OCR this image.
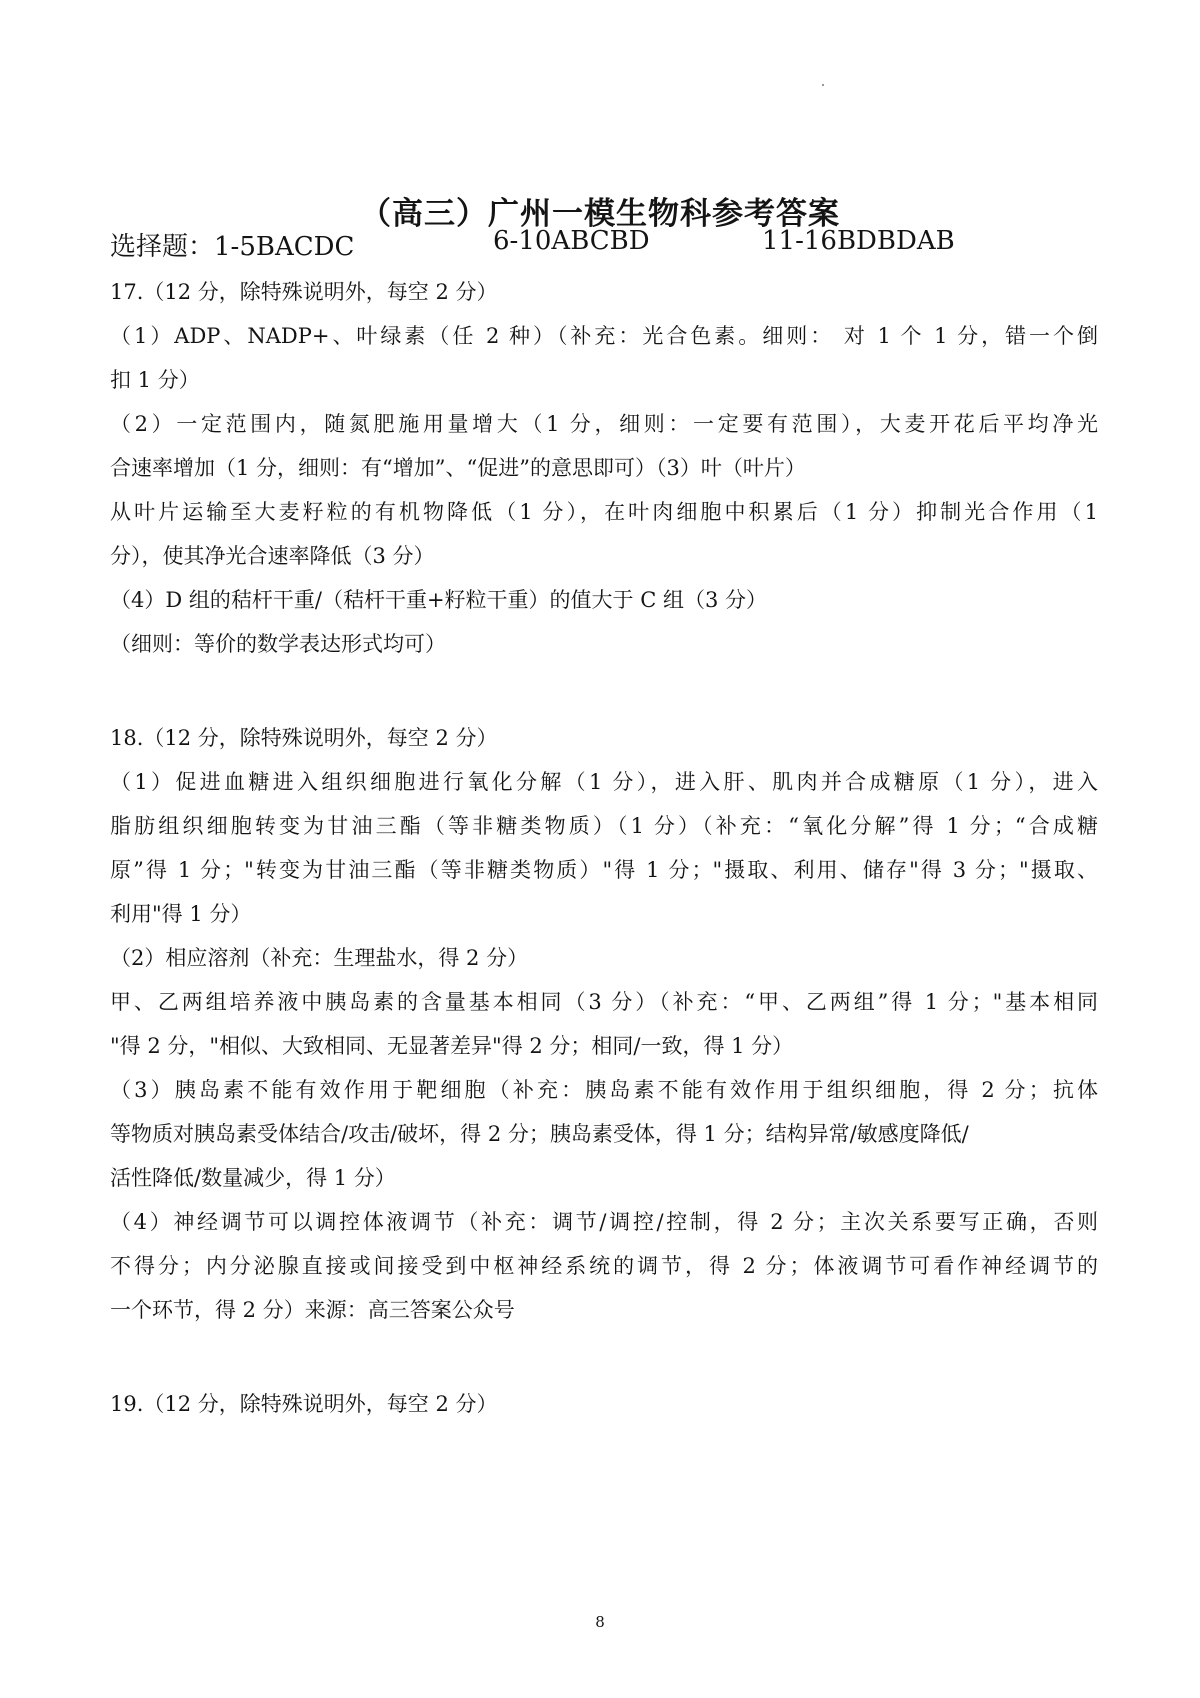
（高三）广州一模生物科参考答案
选择题：1-5BACDC	6-10ABCBD	11-16BDBDAB
17.（12 分，除特殊说明外，每空 2 分）
（1）ADP、NADP+、叶绿素（任 2 种）（补充：光合色素。细则： 对 1 个 1 分，错一个倒
扣 1 分）
（2）一定范围内，随氮肥施用量增大（1 分，细则：一定要有范围），大麦开花后平均净光
合速率增加（1 分，细则：有“增加”、“促进”的意思即可）（3）叶（叶片）
从叶片运输至大麦籽粒的有机物降低（1 分），在叶肉细胞中积累后（1 分）抑制光合作用（1
分），使其净光合速率降低（3 分）
（4）D 组的秸杆干重/（秸杆干重+籽粒干重）的值大于 C 组（3 分）
（细则：等价的数学表达形式均可）
18.（12 分，除特殊说明外，每空 2 分）
（1）促进血糖进入组织细胞进行氧化分解（1 分），进入肝、肌肉并合成糖原（1 分），进入
脂肪组织细胞转变为甘油三酯（等非糖类物质）（1 分）（补充：“氧化分解”得 1 分；“合成糖
原”得 1 分；"转变为甘油三酯（等非糖类物质）"得 1 分；"摄取、利用、储存"得 3 分；"摄取、
利用"得 1 分）
（2）相应溶剂（补充：生理盐水，得 2 分）
甲、乙两组培养液中胰岛素的含量基本相同（3 分）（补充：“甲、乙两组”得 1 分；"基本相同
"得 2 分，"相似、大致相同、无显著差异"得 2 分；相同/一致，得 1 分）
（3）胰岛素不能有效作用于靶细胞（补充：胰岛素不能有效作用于组织细胞，得 2 分；抗体
等物质对胰岛素受体结合/攻击/破坏，得 2 分；胰岛素受体，得 1 分；结构异常/敏感度降低/
活性降低/数量减少，得 1 分）
（4）神经调节可以调控体液调节（补充：调节/调控/控制，得 2 分；主次关系要写正确，否则
不得分；内分泌腺直接或间接受到中枢神经系统的调节，得 2 分；体液调节可看作神经调节的
一个环节，得 2 分）来源：高三答案公众号
19.（12 分，除特殊说明外，每空 2 分）
8
